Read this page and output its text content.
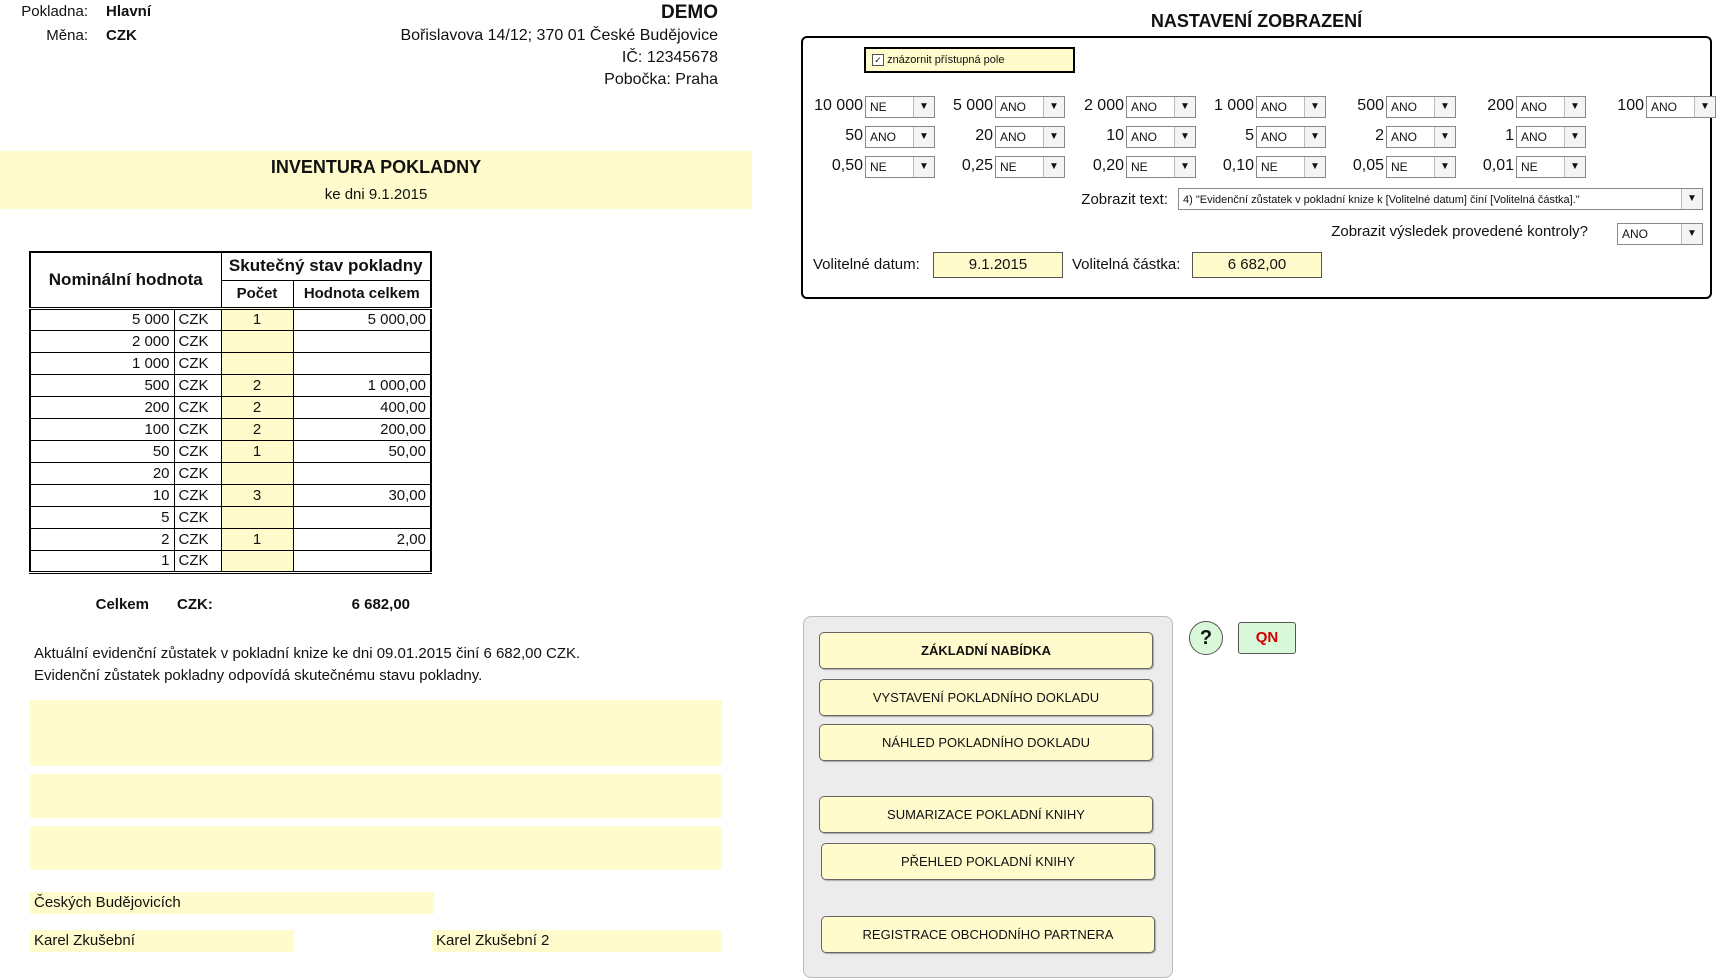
Pokladna: Hlavní
Měna: CZK
DEMO
Bořislavova 14/12; 370 01 České Budějovice
IČ: 12345678
Pobočka: Praha
INVENTURA POKLADNY
ke dni 9.1.2015
Nominální hodnota		Skutečný stav pokladny	
		Počet	Hodnota celkem
5 000	CZK	1	5 000,00
2 000	CZK		
1 000	CZK		
500	CZK	2	1 000,00
200	CZK	2	400,00
100	CZK	2	200,00
50	CZK	1	50,00
20	CZK		
10	CZK	3	30,00
5	CZK		
2	CZK	1	2,00
1	CZK		
Celkem CZK:	6 682,00
Aktuální evidenční zůstatek v pokladní knize ke dni 09.01.2015 činí 6 682,00 CZK.
Evidenční zůstatek pokladny odpovídá skutečnému stavu pokladny.
Českých Budějovicích
Karel Zkušební	Karel Zkušební 2
NASTAVENÍ ZOBRAZENÍ
✓ znázornit přístupná pole
10 000 NE	▼	5 000 ANO	▼	2 000 ANO	▼	1 000 ANO	▼	500 ANO	▼	200 ANO	▼	100 ANO	▼
50 ANO	▼	20 ANO	▼	10 ANO	▼	5 ANO	▼	2 ANO	▼	1 ANO	▼
0,50 NE	▼	0,25 NE	▼	0,20 NE	▼	0,10 NE	▼	0,05 NE	▼	0,01 NE	▼
Zobrazit text:	4) "Evidenční zůstatek v pokladní knize k [Volitelné datum] činí [Volitelná částka]."	▼
Zobrazit výsledek provedené kontroly?	ANO	▼
Volitelné datum:	9.1.2015	Volitelná částka:	6 682,00
ZÁKLADNÍ NABÍDKA
VYSTAVENÍ POKLADNÍHO DOKLADU
NÁHLED POKLADNÍHO DOKLADU
SUMARIZACE POKLADNÍ KNIHY
PŘEHLED POKLADNÍ KNIHY
REGISTRACE OBCHODNÍHO PARTNERA
?	QN
